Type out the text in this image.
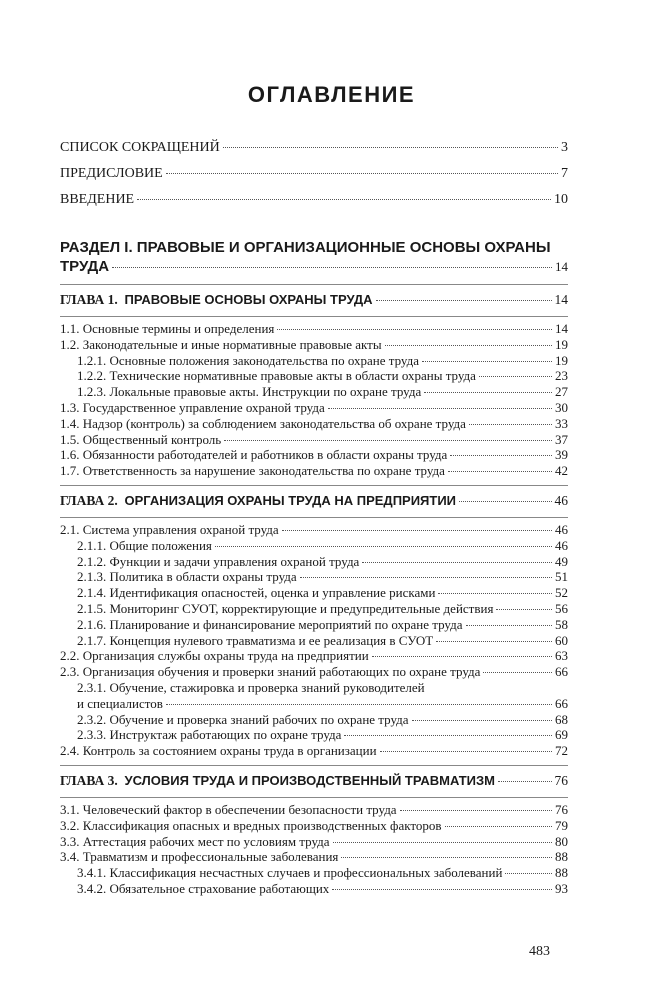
ОГЛАВЛЕНИЕ
СПИСОК СОКРАЩЕНИЙ	3
ПРЕДИСЛОВИЕ	7
ВВЕДЕНИЕ	10
РАЗДЕЛ I. ПРАВОВЫЕ И ОРГАНИЗАЦИОННЫЕ ОСНОВЫ ОХРАНЫ
ТРУДА	14
ГЛАВА 1. ПРАВОВЫЕ ОСНОВЫ ОХРАНЫ ТРУДА	14
1.1. Основные термины и определения	14
1.2. Законодательные и иные нормативные правовые акты	19
1.2.1. Основные положения законодательства по охране труда	19
1.2.2. Технические нормативные правовые акты в области охраны труда	23
1.2.3. Локальные правовые акты. Инструкции по охране труда	27
1.3. Государственное управление охраной труда	30
1.4. Надзор (контроль) за соблюдением законодательства об охране труда	33
1.5. Общественный контроль	37
1.6. Обязанности работодателей и работников в области охраны труда	39
1.7. Ответственность за нарушение законодательства по охране труда	42
ГЛАВА 2. ОРГАНИЗАЦИЯ ОХРАНЫ ТРУДА НА ПРЕДПРИЯТИИ	46
2.1. Система управления охраной труда	46
2.1.1. Общие положения	46
2.1.2. Функции и задачи управления охраной труда	49
2.1.3. Политика в области охраны труда	51
2.1.4. Идентификация опасностей, оценка и управление рисками	52
2.1.5. Мониторинг СУОТ, корректирующие и предупредительные действия	56
2.1.6. Планирование и финансирование мероприятий по охране труда	58
2.1.7. Концепция нулевого травматизма и ее реализация в СУОТ	60
2.2. Организация службы охраны труда на предприятии	63
2.3. Организация обучения и проверки знаний работающих по охране труда	66
2.3.1. Обучение, стажировка и проверка знаний руководителей
и специалистов	66
2.3.2. Обучение и проверка знаний рабочих по охране труда	68
2.3.3. Инструктаж работающих по охране труда	69
2.4. Контроль за состоянием охраны труда в организации	72
ГЛАВА 3. УСЛОВИЯ ТРУДА И ПРОИЗВОДСТВЕННЫЙ ТРАВМАТИЗМ	76
3.1. Человеческий фактор в обеспечении безопасности труда	76
3.2. Классификация опасных и вредных производственных факторов	79
3.3. Аттестация рабочих мест по условиям труда	80
3.4. Травматизм и профессиональные заболевания	88
3.4.1. Классификация несчастных случаев и профессиональных заболеваний	88
3.4.2. Обязательное страхование работающих	93
483
